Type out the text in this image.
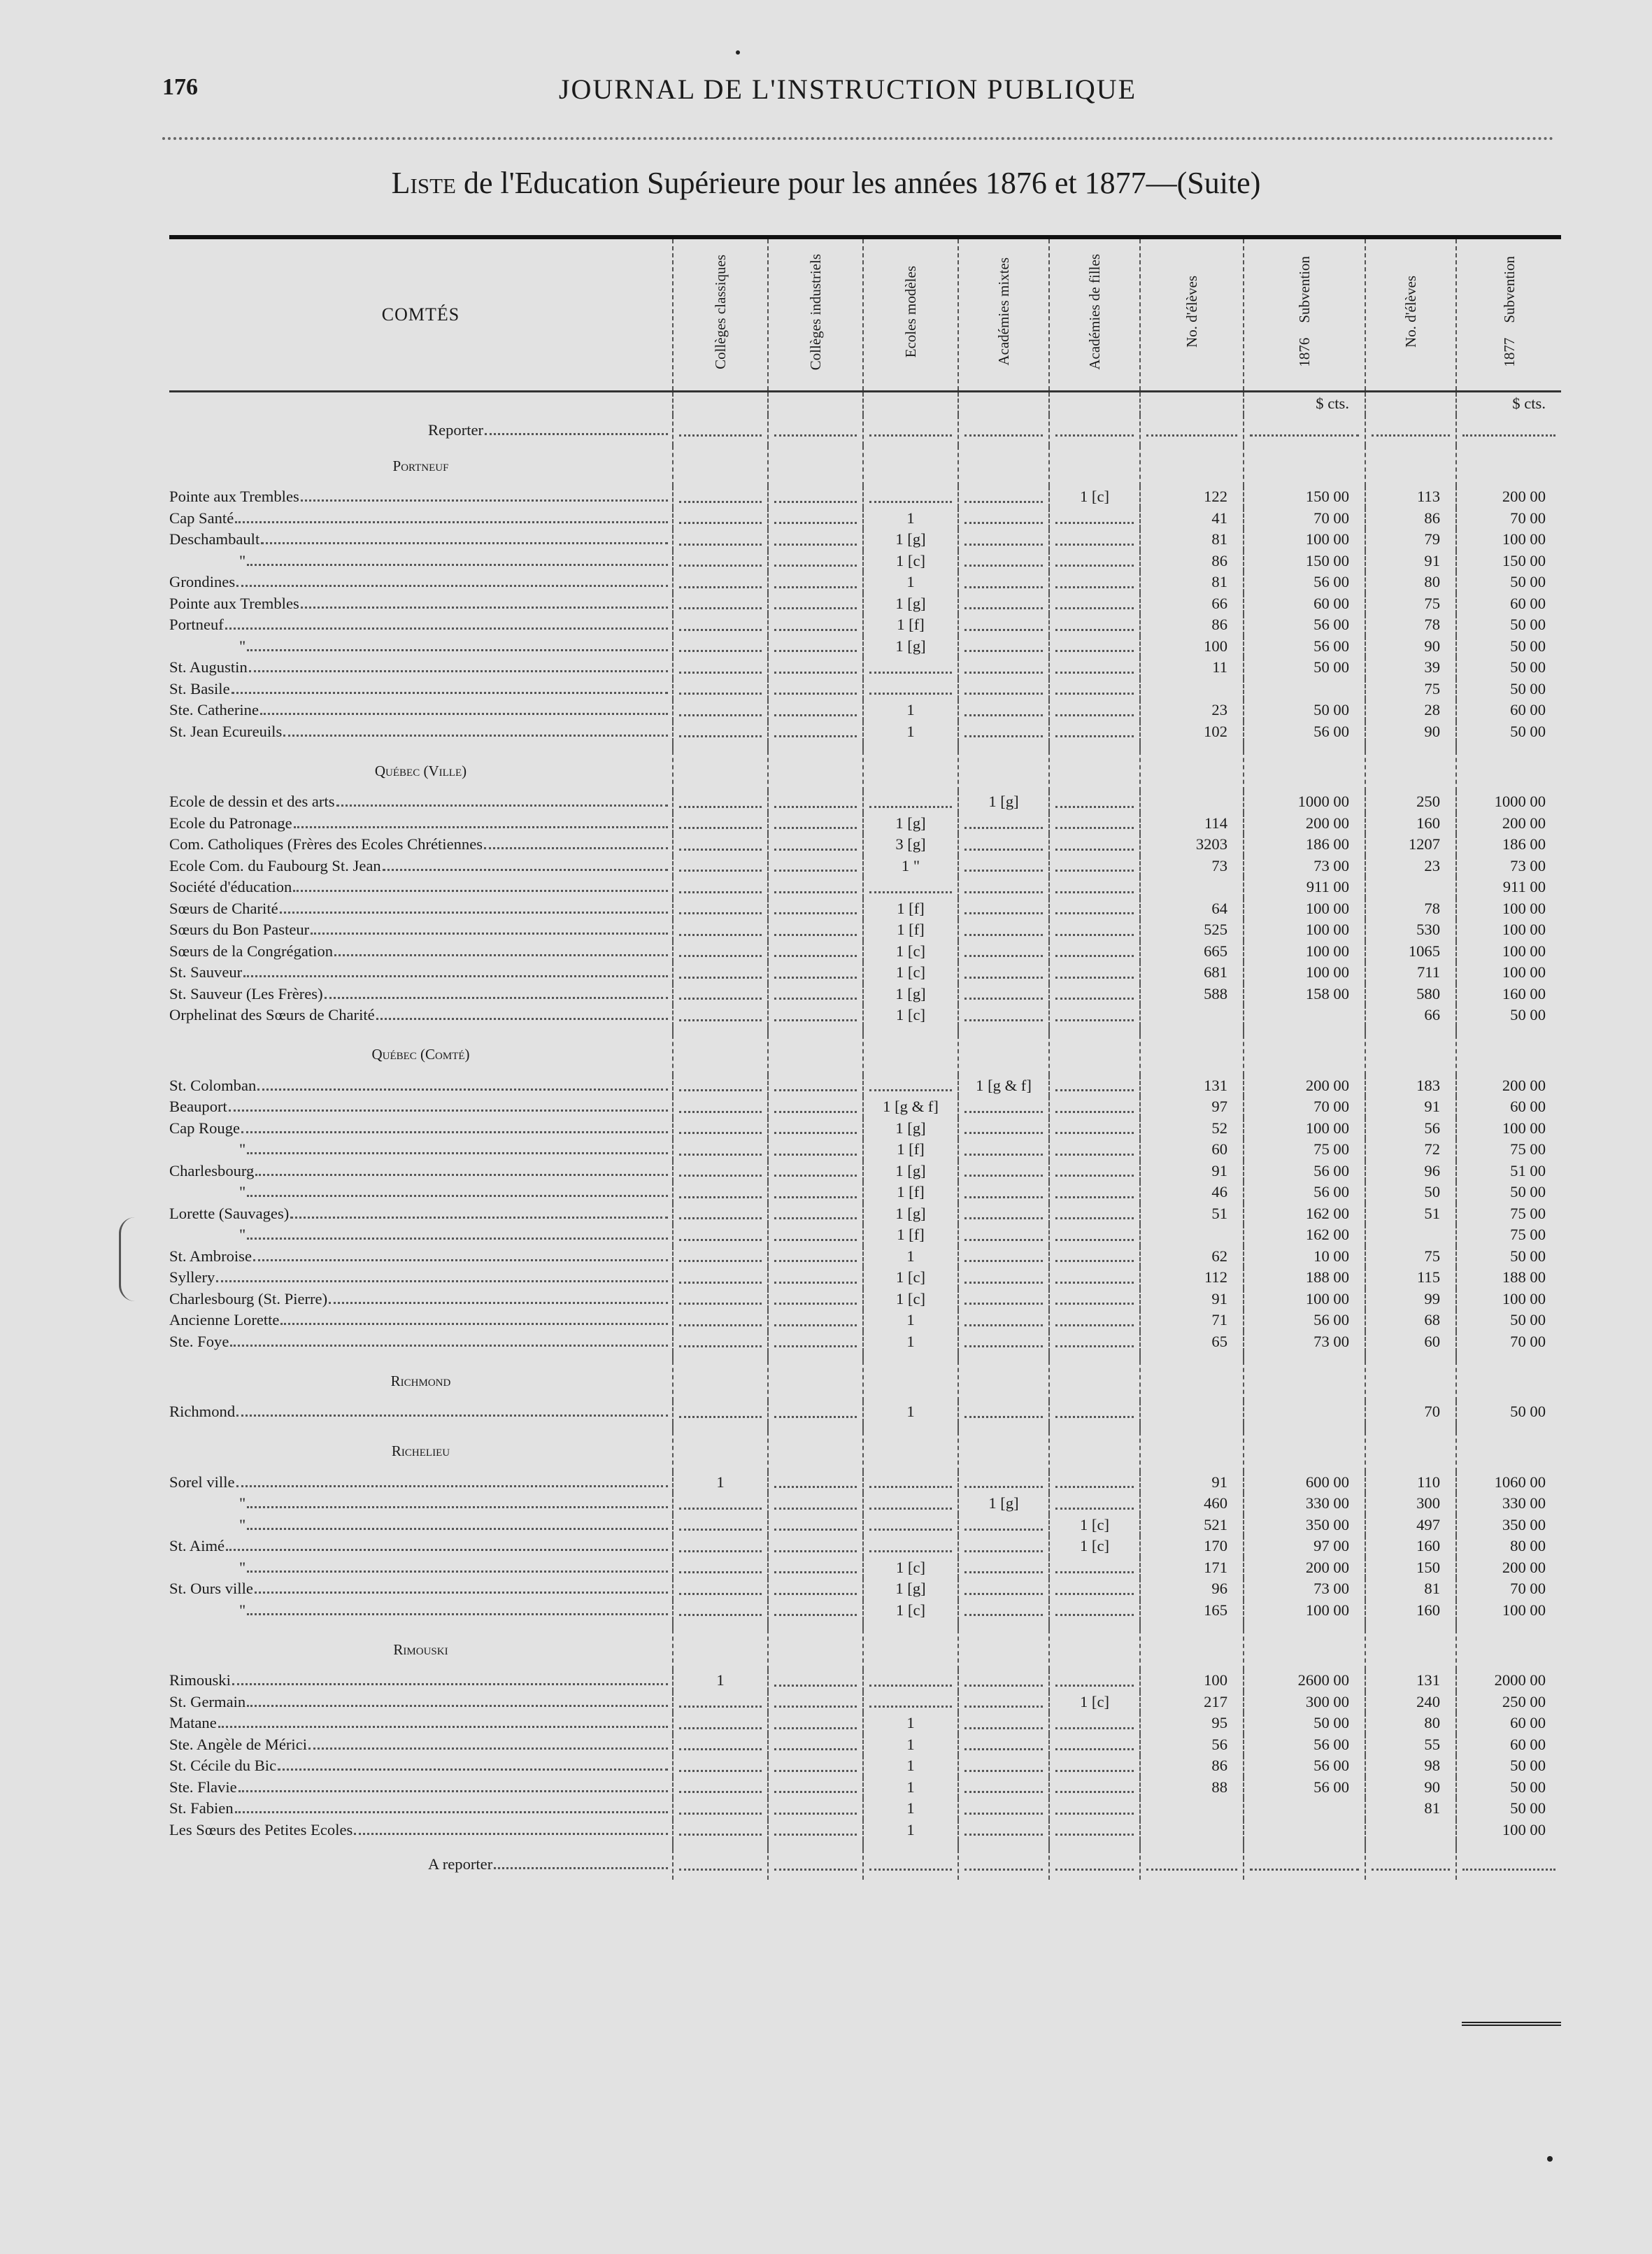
176	JOURNAL DE L'INSTRUCTION PUBLIQUE
Liste de l'Education Supérieure pour les années 1876 et 1877—(Suite)
COMTÉS	Collèges classiques	Collèges industriels	Ecoles modèles	Académies mixtes	Académies de filles	No. d'élèves	1876    Subvention	No. d'élèves	1877    Subvention
							$ cts.		$ cts.

Reporter									

Portneuf									

Pointe aux Trembles					1 [c]	122	150 00	113	200 00

Cap Santé			1			41	70 00	86	70 00

Deschambault			1 [g]			81	100 00	79	100 00

"			1 [c]			86	150 00	91	150 00

Grondines			1			81	56 00	80	50 00

Pointe aux Trembles			1 [g]			66	60 00	75	60 00

Portneuf			1 [f]			86	56 00	78	50 00

"			1 [g]			100	56 00	90	50 00

St. Augustin						11	50 00	39	50 00

St. Basile								75	50 00

Ste. Catherine			1			23	50 00	28	60 00

St. Jean Ecureuils			1			102	56 00	90	50 00

Québec (Ville)									

Ecole de dessin et des arts				1 [g]			1000 00	250	1000 00

Ecole du Patronage			1 [g]			114	200 00	160	200 00

Com. Catholiques (Frères des Ecoles Chrétiennes			3 [g]			3203	186 00	1207	186 00

Ecole Com. du Faubourg St. Jean			1 "			73	73 00	23	73 00

Société d'éducation							911 00		911 00

Sœurs de Charité			1 [f]			64	100 00	78	100 00

Sœurs du Bon Pasteur			1 [f]			525	100 00	530	100 00

Sœurs de la Congrégation			1 [c]			665	100 00	1065	100 00

St. Sauveur			1 [c]			681	100 00	711	100 00

St. Sauveur (Les Frères)			1 [g]			588	158 00	580	160 00

Orphelinat des Sœurs de Charité			1 [c]					66	50 00

Québec (Comté)									

St. Colomban				1 [g & f]		131	200 00	183	200 00

Beauport			1 [g & f]			97	70 00	91	60 00

Cap Rouge			1 [g]			52	100 00	56	100 00

"			1 [f]			60	75 00	72	75 00

Charlesbourg			1 [g]			91	56 00	96	51 00

"			1 [f]			46	56 00	50	50 00

Lorette (Sauvages)			1 [g]			51	162 00	51	75 00

"			1 [f]				162 00		75 00

St. Ambroise			1			62	10 00	75	50 00

Syllery			1 [c]			112	188 00	115	188 00

Charlesbourg (St. Pierre)			1 [c]			91	100 00	99	100 00

Ancienne Lorette			1			71	56 00	68	50 00

Ste. Foye			1			65	73 00	60	70 00

Richmond									

Richmond			1					70	50 00

Richelieu									

Sorel ville	1					91	600 00	110	1060 00

"				1 [g]		460	330 00	300	330 00

"					1 [c]	521	350 00	497	350 00

St. Aimé					1 [c]	170	97 00	160	80 00

"			1 [c]			171	200 00	150	200 00

St. Ours ville			1 [g]			96	73 00	81	70 00

"			1 [c]			165	100 00	160	100 00

Rimouski									

Rimouski	1					100	2600 00	131	2000 00

St. Germain					1 [c]	217	300 00	240	250 00

Matane			1			95	50 00	80	60 00

Ste. Angèle de Mérici			1			56	56 00	55	60 00

St. Cécile du Bic			1			86	56 00	98	50 00

Ste. Flavie			1			88	56 00	90	50 00

St. Fabien			1					81	50 00

Les Sœurs des Petites Ecoles			1						100 00

A reporter									
